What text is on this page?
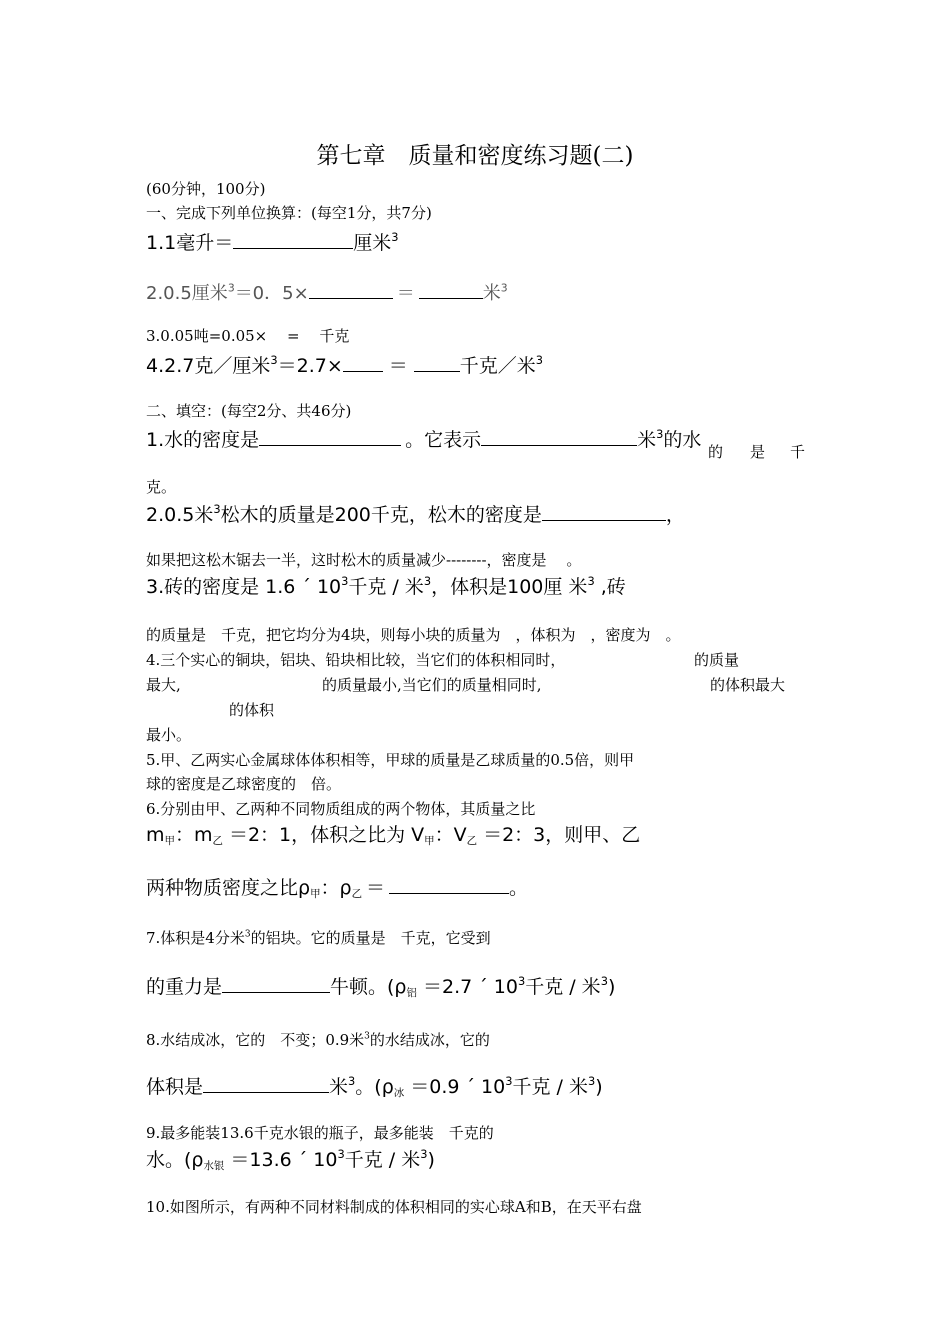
第七章　质量和密度练习题(二)
(60分钟，100分)
一、完成下列单位换算：(每空1分，共7分)
1.1毫升＝	厘米$^3$
2.0.5厘米$^3$＝0．5×	＝	米$^3$
3.0.05吨=0.05×　 =　 千克
4.2.7克／厘米$^3$＝2.7× ＝	千克／米$^3$
二、填空：(每空2分、共46分)
1.水的密度是	。它表示	米$^3$的水
的 是 千
克。
2.0.5米$^3$松木的质量是200千克，松木的密度是	，
如果把这松木锯去一半，这时松木的质量减少--------，密度是　 。
3.砖的密度是 1.6 ´ $10^3$千克 / 米$^3$，体积是100厘 米$^3$ ,砖
的质量是　千克，把它均分为4块，则每小块的质量为　，体积为　，密度为　。
4.三个实心的铜块，铝块、铅块相比较，当它们的体积相同时，	的质量
最大,	的质量最小,当它们的质量相同时,	的体积最大
的体积
最小。
5.甲、乙两实心金属球体体积相等，甲球的质量是乙球质量的0.5倍，则甲
球的密度是乙球密度的　倍。
6.分别由甲、乙两种不同物质组成的两个物体，其质量之比
$m_甲$：$m_乙 =2$：1，体积之比为 $V_甲$：$V_乙 =2$：3，则甲、乙
两种物质密度之比$\rho_甲$：$\rho_乙$ ＝	。
7.体积是4分米$^3$的铝块。它的质量是　千克，它受到
的重力是	牛顿。($\rho_铝 =2.7$ ´ $10^3$千克 / 米$^3$)
8.水结成冰，它的　不变；0.9米$^3$的水结成冰，它的
体积是	米$^3$。($\rho_冰 =0.9$ ´ $10^3$千克 / 米$^3$)
9.最多能装13.6千克水银的瓶子，最多能装　千克的
水。($\rho_{水银} =13.6$ ´ $10^3$千克 / 米$^3$)
10.如图所示，有两种不同材料制成的体积相同的实心球A和B，在天平右盘
